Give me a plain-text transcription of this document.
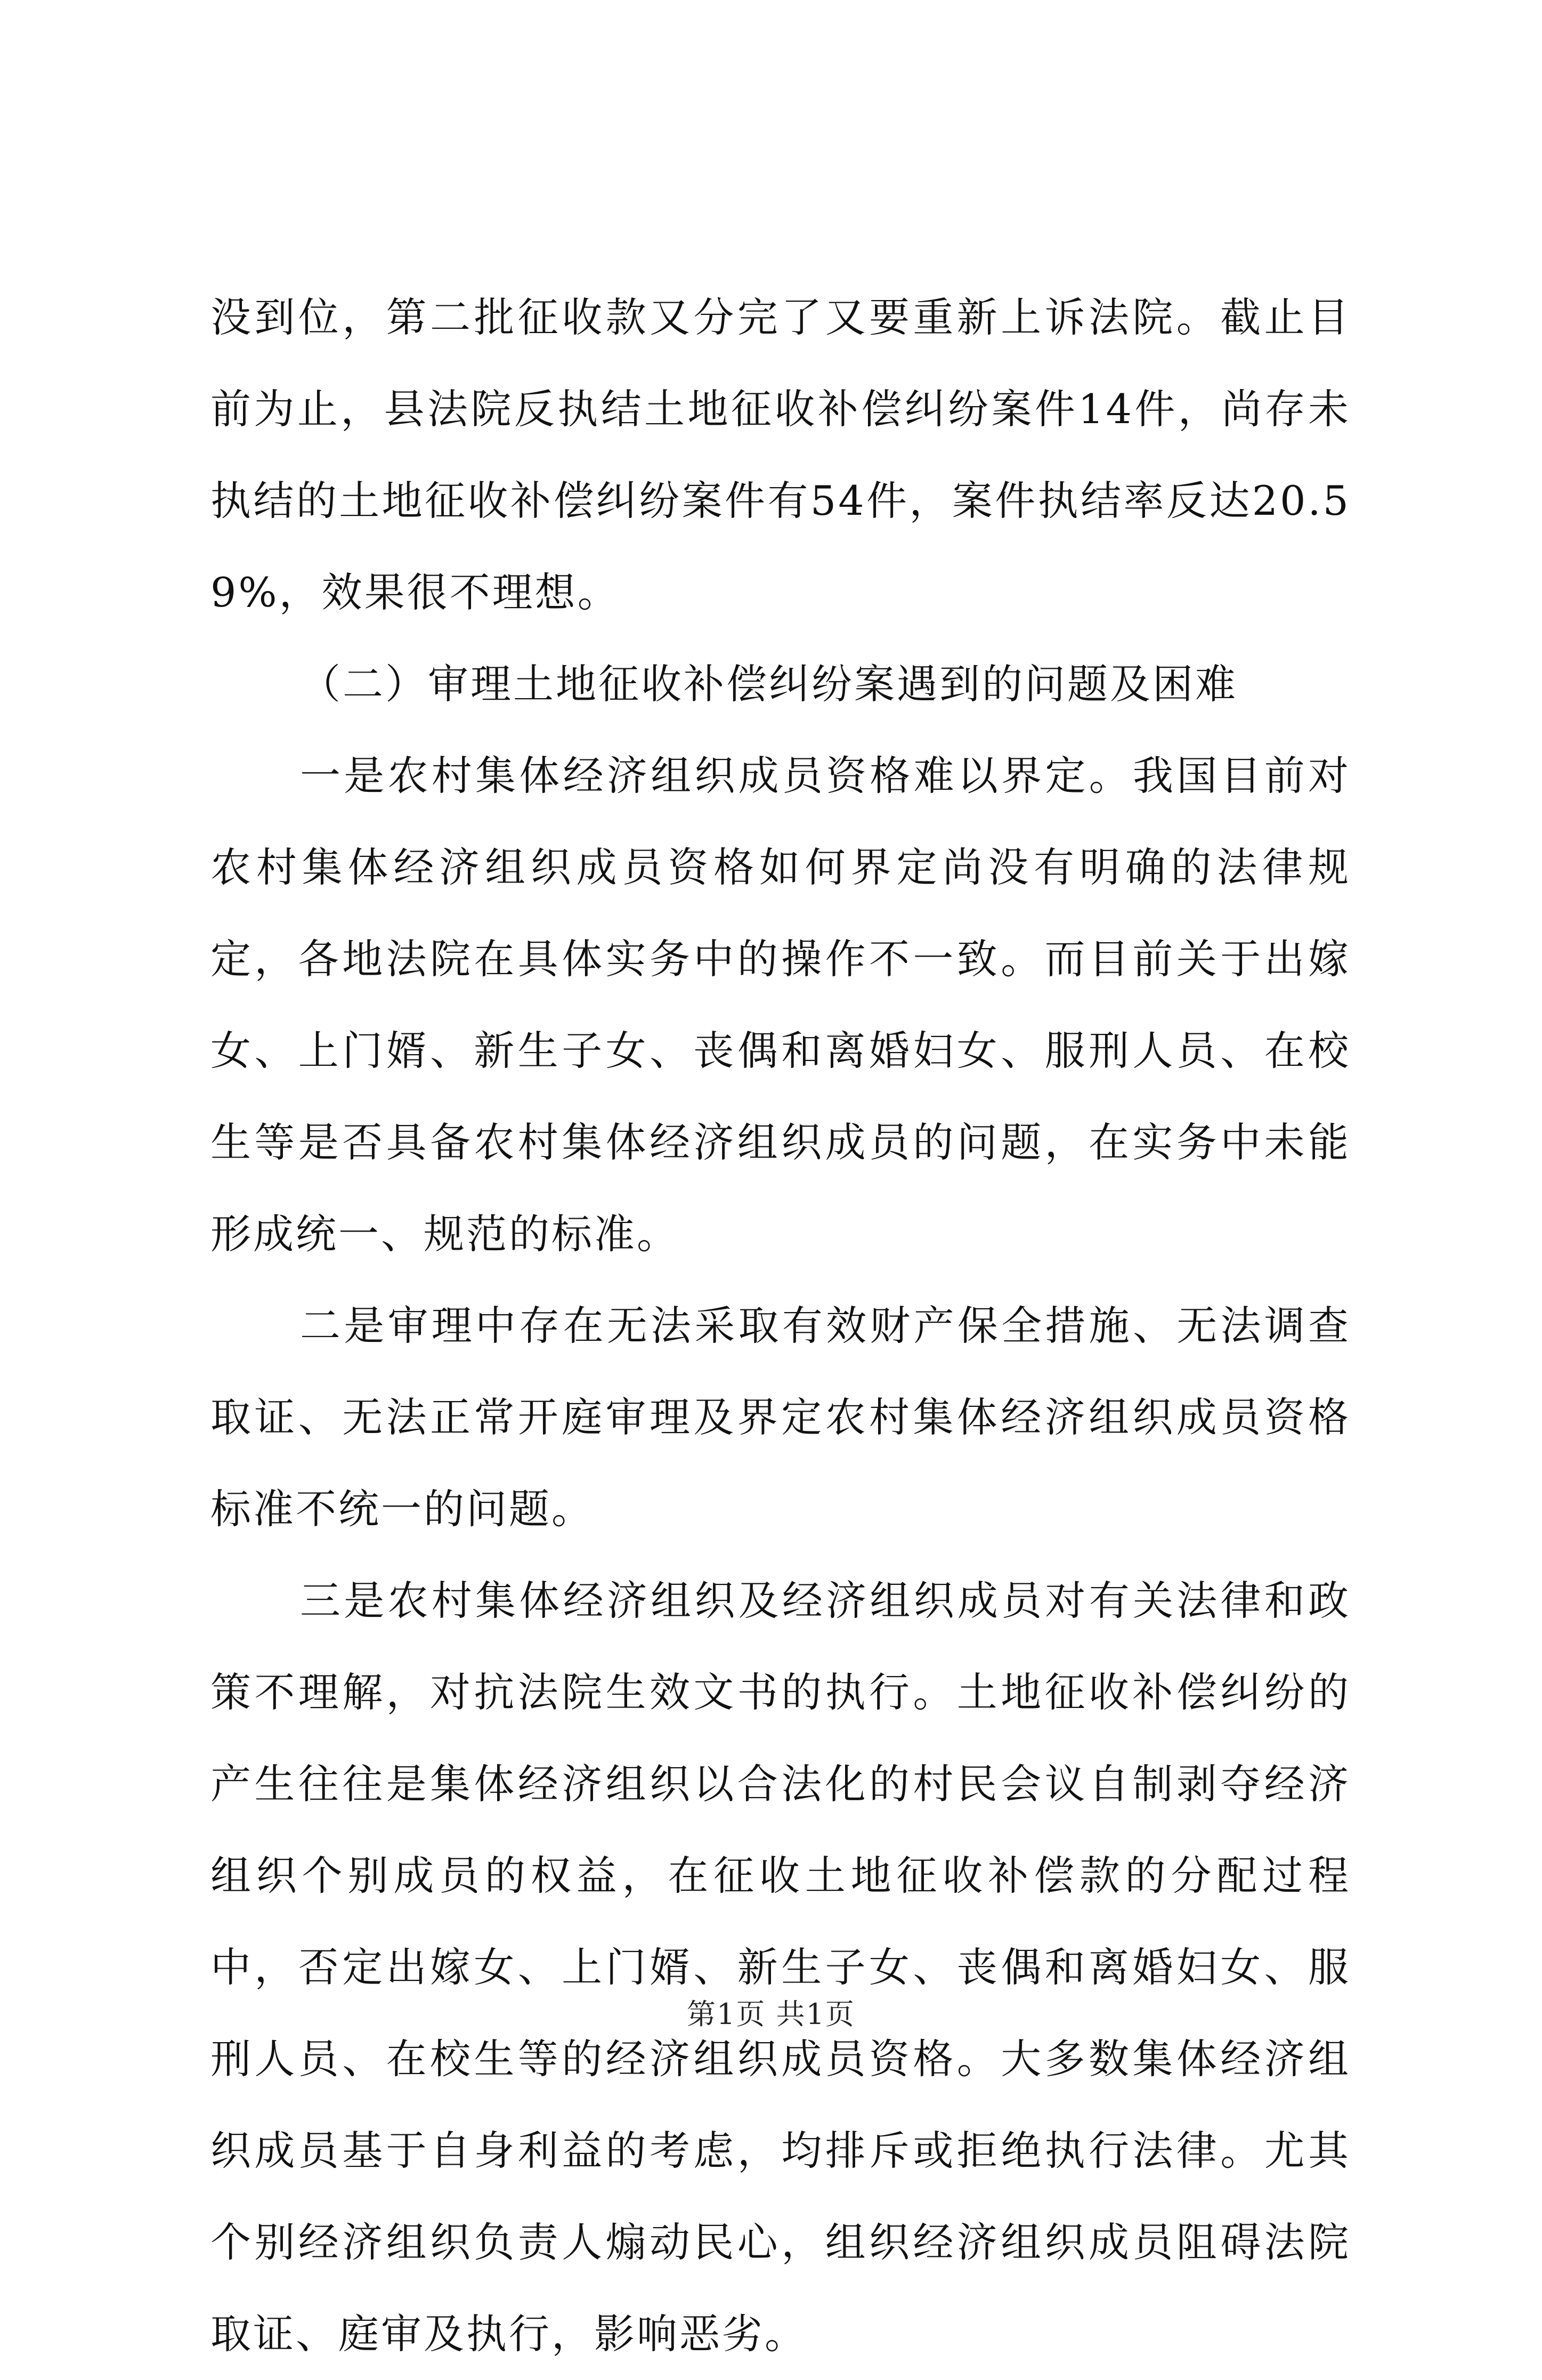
没到位，第二批征收款又分完了又要重新上诉法院。截止目前为止，县法院反执结土地征收补偿纠纷案件14件，尚存未执结的土地征收补偿纠纷案件有54件，案件执结率反达20.59%，效果很不理想。

（二）审理土地征收补偿纠纷案遇到的问题及困难

一是农村集体经济组织成员资格难以界定。我国目前对农村集体经济组织成员资格如何界定尚没有明确的法律规定，各地法院在具体实务中的操作不一致。而目前关于出嫁女、上门婿、新生子女、丧偶和离婚妇女、服刑人员、在校生等是否具备农村集体经济组织成员的问题，在实务中未能形成统一、规范的标准。

二是审理中存在无法采取有效财产保全措施、无法调查取证、无法正常开庭审理及界定农村集体经济组织成员资格标准不统一的问题。

三是农村集体经济组织及经济组织成员对有关法律和政策不理解，对抗法院生效文书的执行。土地征收补偿纠纷的产生往往是集体经济组织以合法化的村民会议自制剥夺经济组织个别成员的权益，在征收土地征收补偿款的分配过程中，否定出嫁女、上门婿、新生子女、丧偶和离婚妇女、服刑人员、在校生等的经济组织成员资格。大多数集体经济组织成员基于自身利益的考虑，均排斥或拒绝执行法律。尤其个别经济组织负责人煽动民心，组织经济组织成员阻碍法院取证、庭审及执行，影响恶劣。

第1页 共1页
